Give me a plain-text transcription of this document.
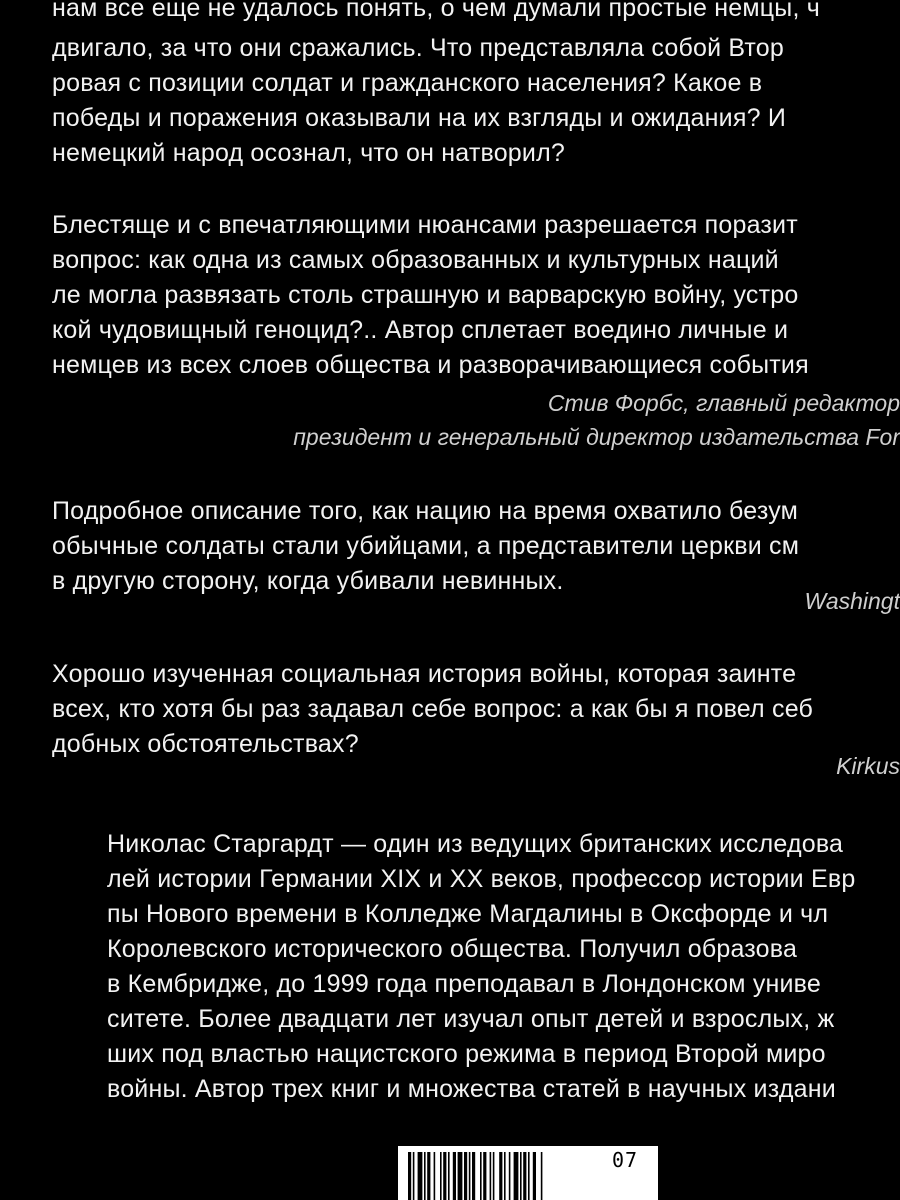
нам все еще не удалось понять, о чем думали простые немцы, ч
двигало, за что они сражались. Что представляла собой Втор
ровая с позиции солдат и гражданского населения? Какое в
победы и поражения оказывали на их взгляды и ожидания? И
немецкий народ осознал, что он натворил?
Блестяще и с впечатляющими нюансами разрешается поразит
вопрос: как одна из самых образованных и культурных наций
ле могла развязать столь страшную и варварскую войну, устро
кой чудовищный геноцид?.. Автор сплетает воедино личные и
немцев из всех слоев общества и разворачивающиеся события
Стив Форбс, главный редактор
президент и генеральный директор издательства For
Подробное описание того, как нацию на время охватило безум
обычные солдаты стали убийцами, а представители церкви см
в другую сторону, когда убивали невинных.
Washingt
Хорошо изученная социальная история войны, которая заинте
всех, кто хотя бы раз задавал себе вопрос: а как бы я повел себ
добных обстоятельствах?
Kirkus
Николас Старгардт — один из ведущих британских исследова
лей истории Германии XIX и XX веков, профессор истории Евр
пы Нового времени в Колледже Магдалины в Оксфорде и чл
Королевского исторического общества. Получил образова
в Кембридже, до 1999 года преподавал в Лондонском униве
ситете. Более двадцати лет изучал опыт детей и взрослых, ж
ших под властью нацистского режима в период Второй миро
войны. Автор трех книг и множества статей в научных издани
07
